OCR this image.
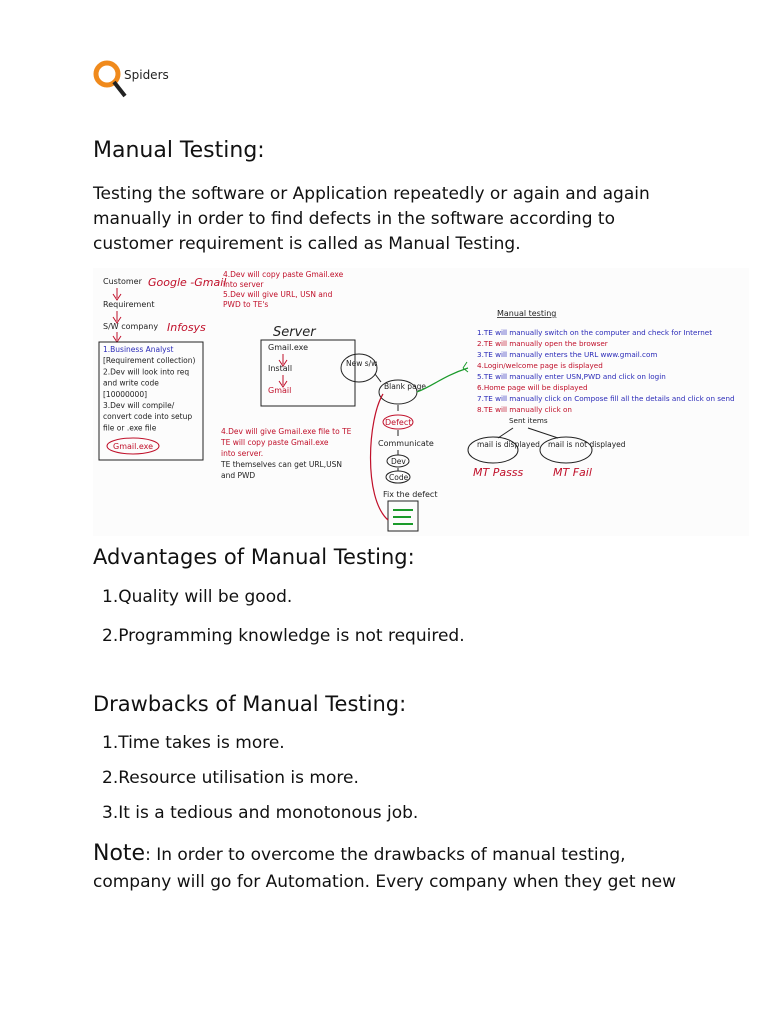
Spiders
Manual Testing:

Testing the software or Application repeatedly or again and again

manually in order to find defects in the software according to

customer requirement is called as Manual Testing.

Customer Google -Gmail
Requirement
S/W company Infosys
1.Business Analyst
[Requirement collection)
2.Dev will look into req
and write code
[10000000]
3.Dev will compile/
convert code into setup
file or .exe file
Gmail.exe
4.Dev will copy paste Gmail.exe
into server
5.Dev will give URL, USN and
PWD to TE's
Server
Gmail.exe
Install
Gmail
4.Dev will give Gmail.exe file to TE
TE will copy paste Gmail.exe
into server.
TE themselves can get URL,USN
and PWD
New s/w
Blank page
Defect
Communicate
Dev
Code
Fix the defect
Manual testing
1.TE will manually switch on the computer and check for Internet
2.TE will manually open the browser
3.TE will manually enters the URL www.gmail.com
4.Login/welcome page is displayed
5.TE will manually enter USN,PWD and click on login
6.Home page will be displayed
7.TE will manually click on Compose fill all the details and click on send
8.TE will manually click on
Sent items
mail is displayed mail is not displayed
MT Passs	MT Fail
Advantages of Manual Testing:

1.Quality will be good.

2.Programming knowledge is not required.

Drawbacks of Manual Testing:

1.Time takes is more.

2.Resource utilisation is more.

3.It is a tedious and monotonous job.

Note: In order to overcome the drawbacks of manual testing,
company will go for Automation. Every company when they get new
